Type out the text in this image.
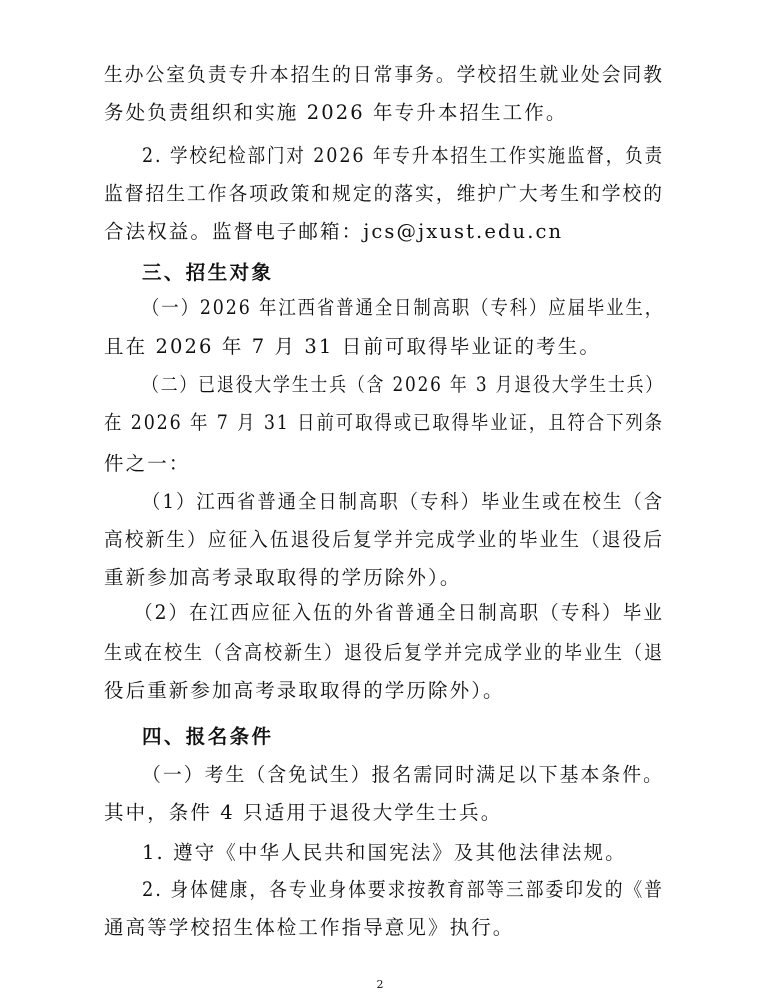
生办公室负责专升本招生的日常事务。学校招生就业处会同教
务处负责组织和实施 2026 年专升本招生工作。
2. 学校纪检部门对 2026 年专升本招生工作实施监督，负责
监督招生工作各项政策和规定的落实，维护广大考生和学校的
合法权益。监督电子邮箱：jcs@jxust.edu.cn
三、招生对象
（一）2026 年江西省普通全日制高职（专科）应届毕业生，
且在 2026 年 7 月 31 日前可取得毕业证的考生。
（二）已退役大学生士兵（含 2026 年 3 月退役大学生士兵）
在 2026 年 7 月 31 日前可取得或已取得毕业证，且符合下列条
件之一：
（1）江西省普通全日制高职（专科）毕业生或在校生（含
高校新生）应征入伍退役后复学并完成学业的毕业生（退役后
重新参加高考录取取得的学历除外）。
（2）在江西应征入伍的外省普通全日制高职（专科）毕业
生或在校生（含高校新生）退役后复学并完成学业的毕业生（退
役后重新参加高考录取取得的学历除外）。
四、报名条件
（一）考生（含免试生）报名需同时满足以下基本条件。
其中，条件 4 只适用于退役大学生士兵。
1. 遵守《中华人民共和国宪法》及其他法律法规。
2. 身体健康，各专业身体要求按教育部等三部委印发的《普
通高等学校招生体检工作指导意见》执行。
2
